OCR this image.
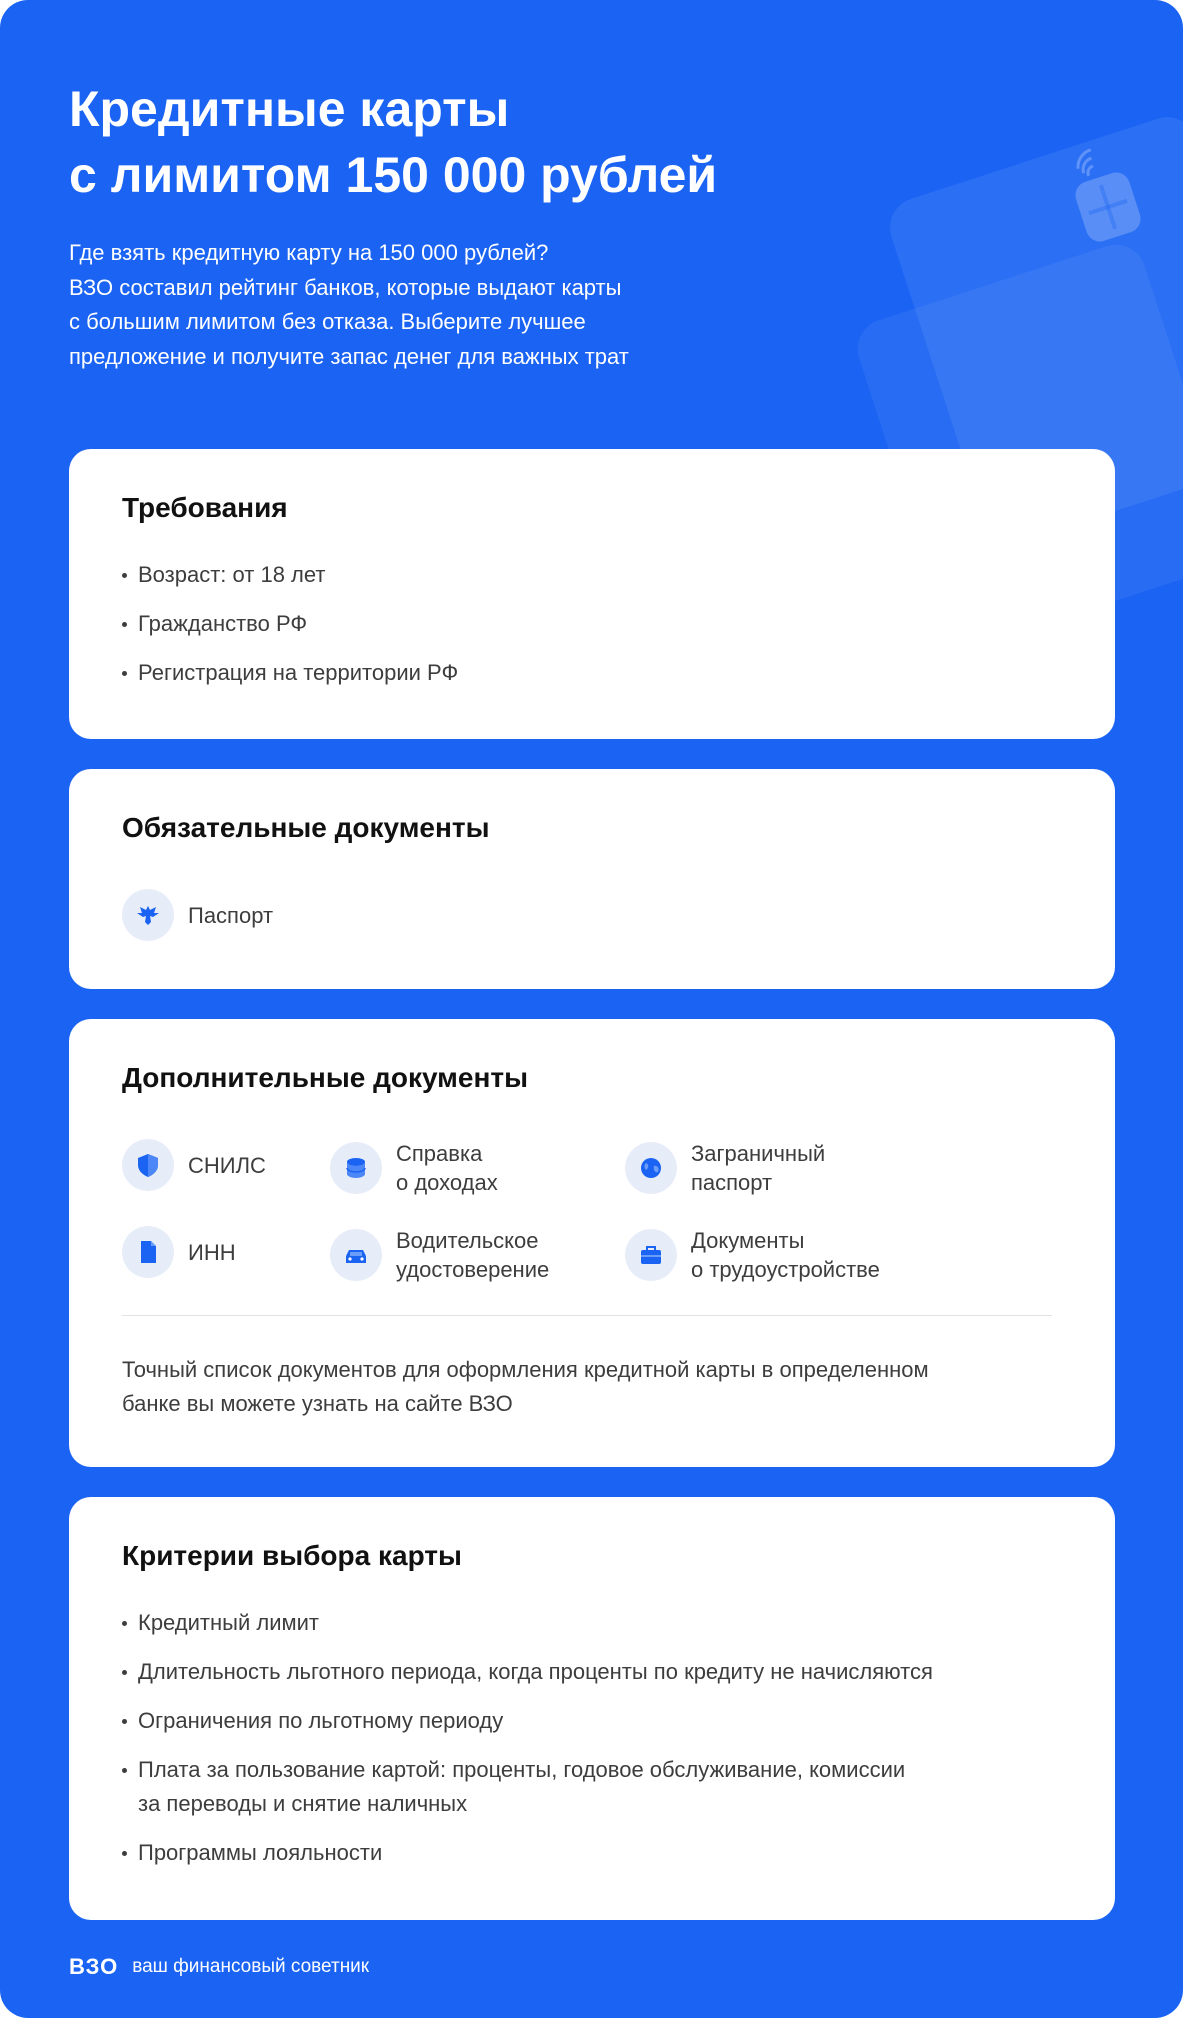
Кредитные карты
с лимитом 150 000 рублей
Где взять кредитную карту на 150 000 рублей?
ВЗО составил рейтинг банков, которые выдают карты
с большим лимитом без отказа. Выберите лучшее
предложение и получите запас денег для важных трат
Требования
Возраст: от 18 лет
Гражданство РФ
Регистрация на территории РФ
Обязательные документы
Паспорт
Дополнительные документы
СНИЛС	Справка
о доходах
Заграничный
паспорт
ИНН	Водительское
удостоверение
Документы
о трудоустройстве
Точный список документов для оформления кредитной карты в определенном
банке вы можете узнать на сайте ВЗО
Критерии выбора карты
Кредитный лимит
Длительность льготного периода, когда проценты по кредиту не начисляются
Ограничения по льготному периоду
Плата за пользование картой: проценты, годовое обслуживание, комиссии
за переводы и снятие наличных
Программы лояльности
ВЗО ваш финансовый советник
